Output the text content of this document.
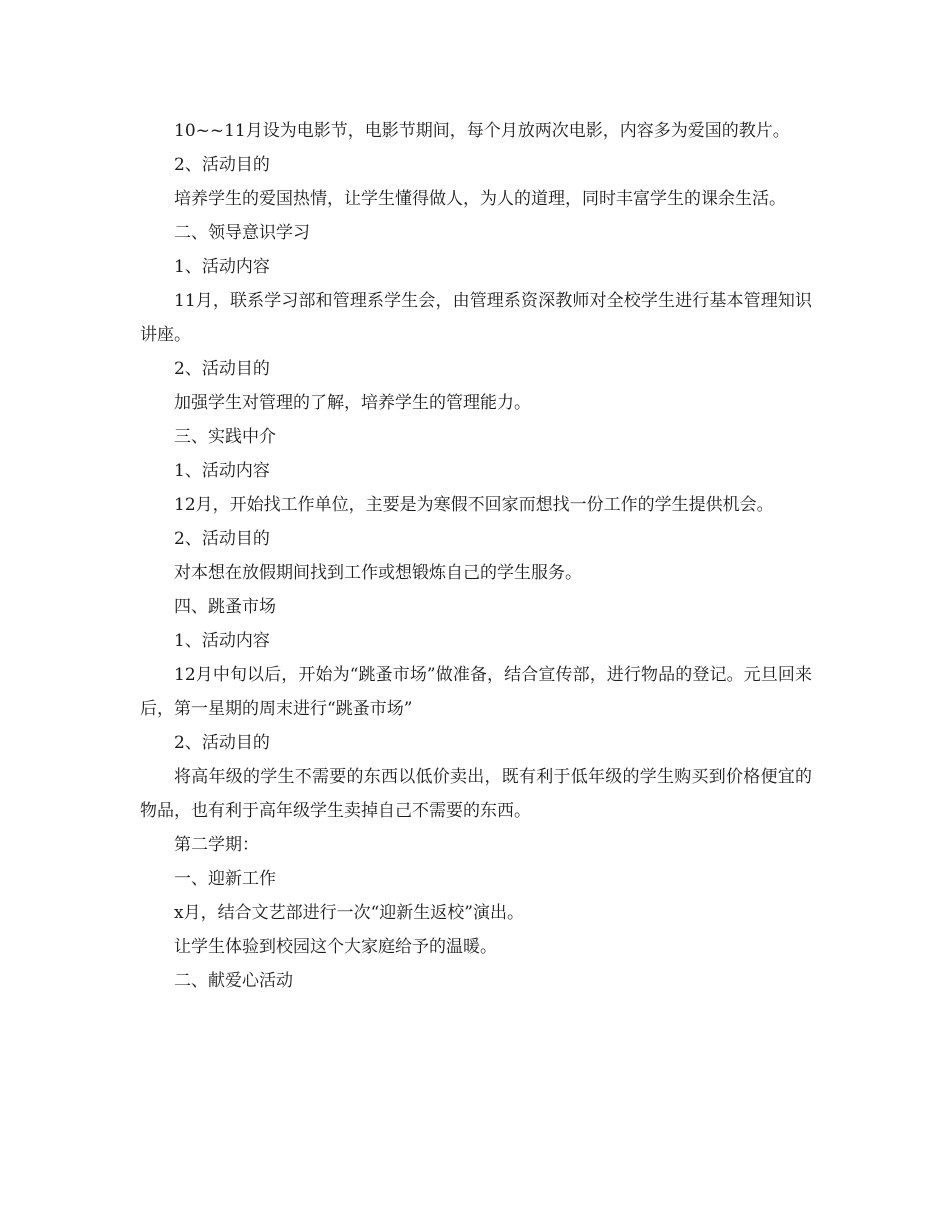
10~~11月设为电影节，电影节期间，每个月放两次电影，内容多为爱国的教片。

2、活动目的

培养学生的爱国热情，让学生懂得做人，为人的道理，同时丰富学生的课余生活。

二、领导意识学习

1、活动内容

11月，联系学习部和管理系学生会，由管理系资深教师对全校学生进行基本管理知识讲座。

2、活动目的

加强学生对管理的了解，培养学生的管理能力。

三、实践中介

1、活动内容

12月，开始找工作单位，主要是为寒假不回家而想找一份工作的学生提供机会。

2、活动目的

对本想在放假期间找到工作或想锻炼自己的学生服务。

四、跳蚤市场

1、活动内容

12月中旬以后，开始为“跳蚤市场”做准备，结合宣传部，进行物品的登记。元旦回来后，第一星期的周末进行“跳蚤市场”

2、活动目的

将高年级的学生不需要的东西以低价卖出，既有利于低年级的学生购买到价格便宜的物品，也有利于高年级学生卖掉自己不需要的东西。

第二学期：

一、迎新工作

x月，结合文艺部进行一次“迎新生返校”演出。

让学生体验到校园这个大家庭给予的温暖。

二、献爱心活动
